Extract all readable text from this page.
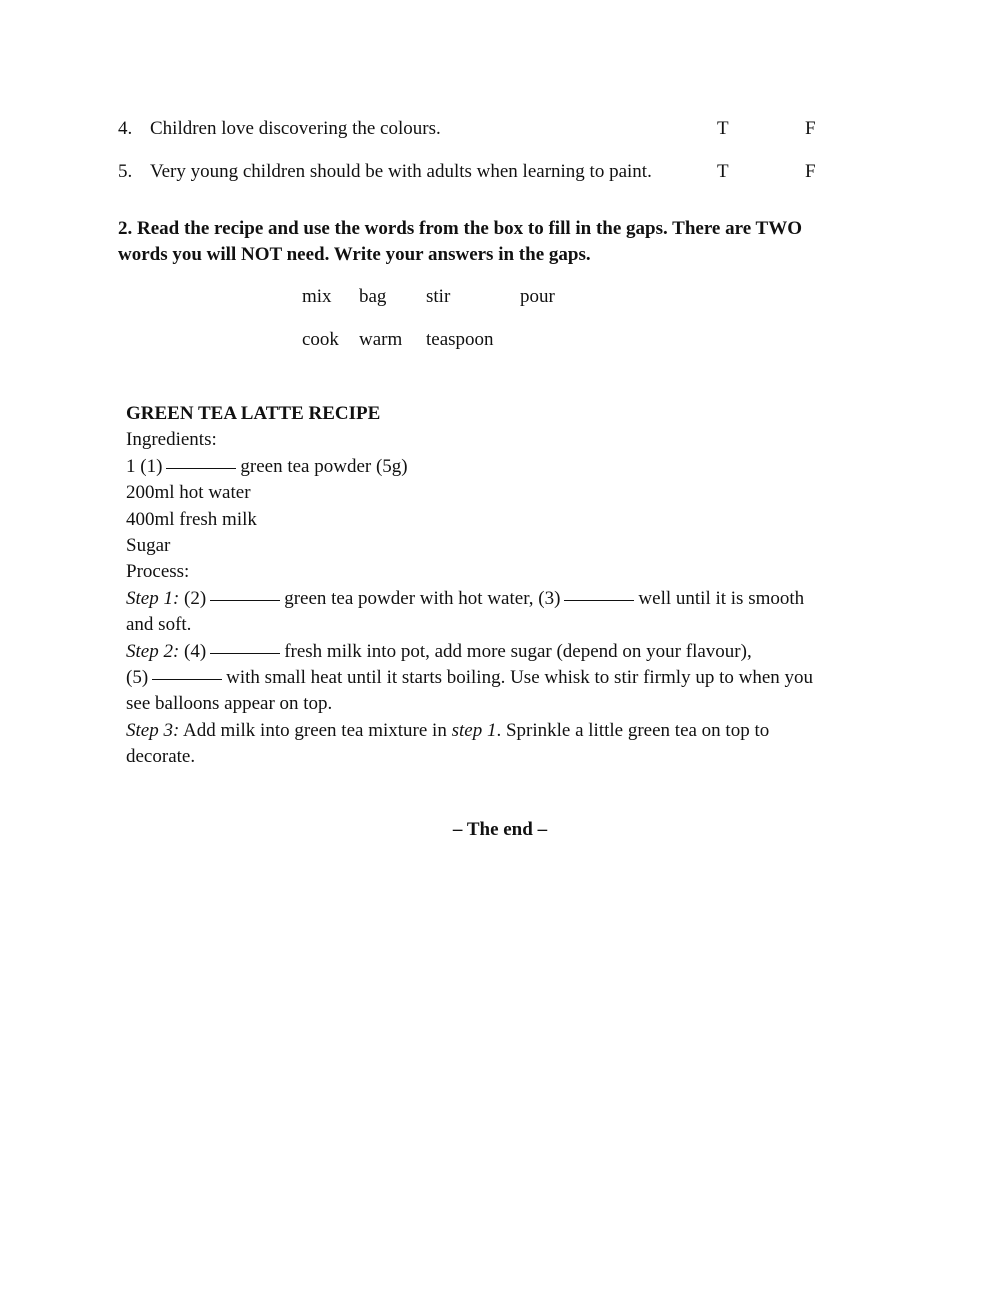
4. Children love discovering the colours.	T	F
5. Very young children should be with adults when learning to paint.	T	F
2. Read the recipe and use the words from the box to fill in the gaps. There are TWO
words you will NOT need. Write your answers in the gaps.
mix bag stir	pour
cook warm teaspoon

GREEN TEA LATTE RECIPE

Ingredients:

1 (1)	green tea powder (5g)

200ml hot water

400ml fresh milk

Sugar

Process:

Step 1: (2)	green tea powder with hot water, (3)	well until it is smooth
and soft.

Step 2: (4)	fresh milk into pot, add more sugar (depend on your flavour),
(5)	with small heat until it starts boiling. Use whisk to stir firmly up to when you
see balloons appear on top.

Step 3: Add milk into green tea mixture in step 1. Sprinkle a little green tea on top to
decorate.

– The end –
